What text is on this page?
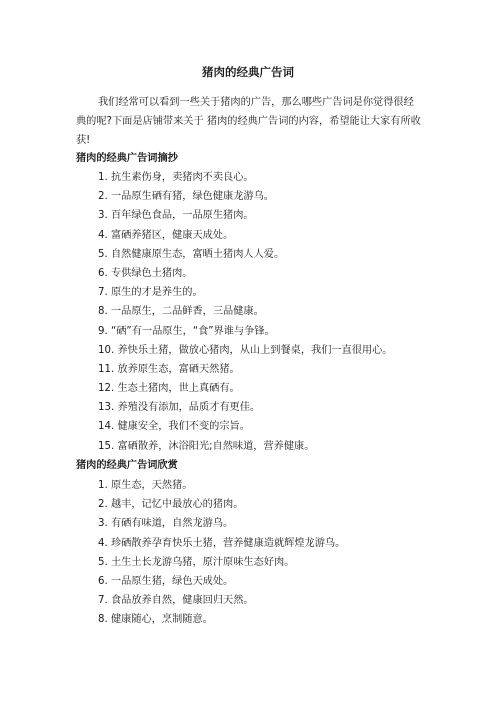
猪肉的经典广告词

我们经常可以看到一些关于猪肉的广告，那么哪些广告词是你觉得很经典的呢?下面是店铺带来关于 猪肉的经典广告词的内容，希望能让大家有所收获!

猪肉的经典广告词摘抄
1. 抗生素伤身，卖猪肉不卖良心。
2. 一品原生硒有猪，绿色健康龙游乌。
3. 百年绿色食品，一品原生猪肉。
4. 富硒养猪区，健康天成处。
5. 自然健康原生态，富晒土猪肉人人爱。
6. 专供绿色土猪肉。
7. 原生的才是养生的。
8. 一品原生，二品鲜香，三品健康。
9. “硒”有一品原生，“食”界谁与争锋。
10. 养快乐土猪，做放心猪肉，从山上到餐桌，我们一直很用心。
11. 放养原生态，富硒天然猪。
12. 生态土猪肉，世上真硒有。
13. 养殖没有添加，品质才有更佳。
14. 健康安全，我们不变的宗旨。
15. 富硒散养，沐浴阳光;自然味道，营养健康。
猪肉的经典广告词欣赏
1. 原生态，天然猪。
2. 越丰，记忆中最放心的猪肉。
3. 有硒有味道，自然龙游乌。
4. 珍硒散养孕育快乐土猪，营养健康造就辉煌龙游乌。
5. 土生土长龙游乌猪，原汁原味生态好肉。
6. 一品原生猪，绿色天成处。
7. 食品放养自然，健康回归天然。
8. 健康随心，烹制随意。
